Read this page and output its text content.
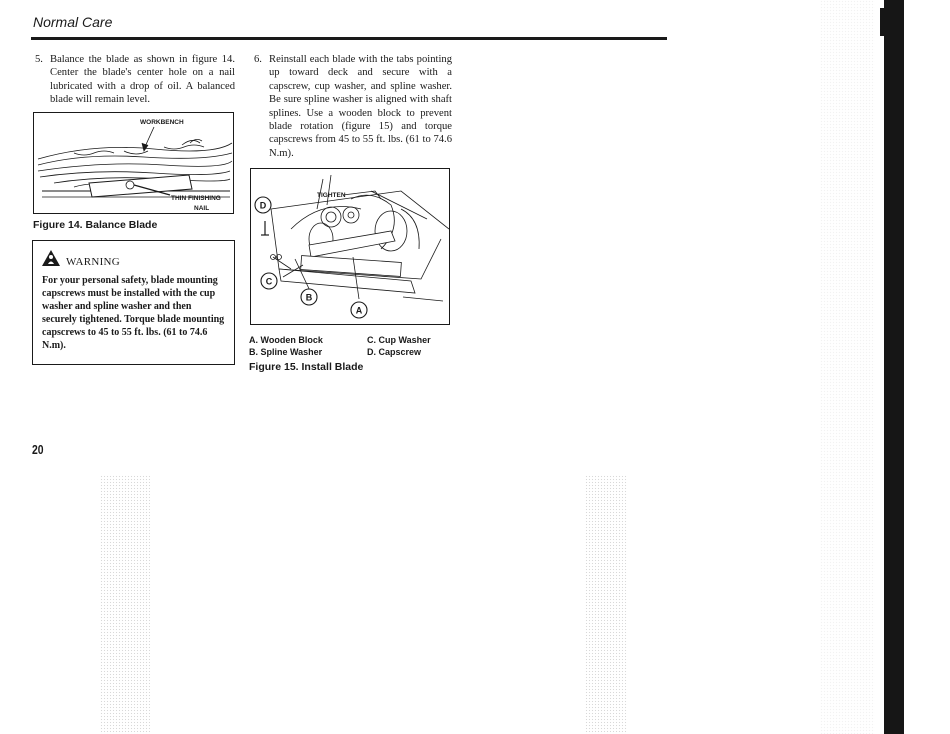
Normal Care
5. Balance the blade as shown in figure 14. Center the blade's center hole on a nail lubricated with a drop of oil. A balanced blade will remain level.
6. Reinstall each blade with the tabs pointing up toward deck and secure with a capscrew, cup washer, and spline washer. Be sure spline washer is aligned with shaft splines. Use a wooden block to prevent blade rotation (figure 15) and torque capscrews from 45 to 55 ft. lbs. (61 to 74.6 N.m).
WORKBENCH
THIN FINISHING
NAIL
Figure 14. Balance Blade
WARNING
For your personal safety, blade mounting capscrews must be installed with the cup washer and spline washer and then securely tightened. Torque blade mounting capscrews to 45 to 55 ft. lbs. (61 to 74.6 N.m).
D
C
B
A
TIGHTEN
A. Wooden Block	C. Cup Washer
B. Spline Washer	D. Capscrew
Figure 15. Install Blade
20
